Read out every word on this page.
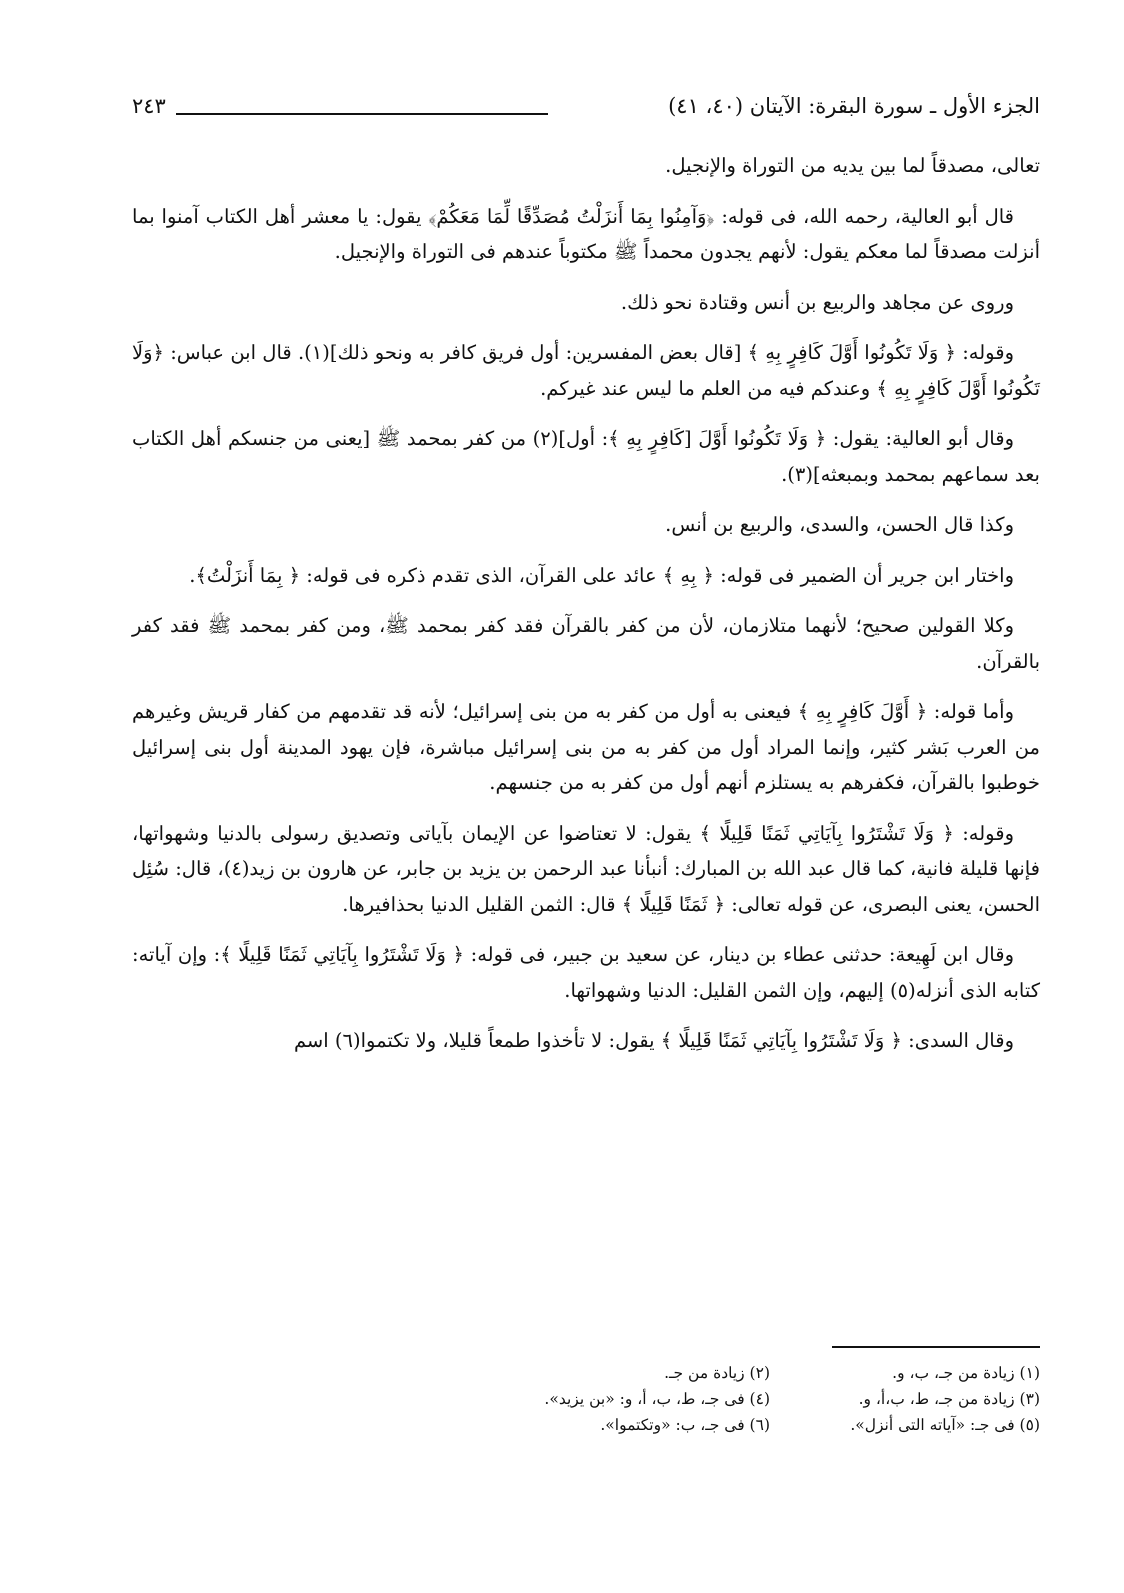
الجزء الأول ـ سورة البقرة: الآيتان (٤٠، ٤١)
٢٤٣

تعالى، مصدقاً لما بين يديه من التوراة والإنجيل.

قال أبو العالية، رحمه الله، فى قوله: ﴿وَآمِنُوا بِمَا أَنزَلْتُ مُصَدِّقًا لِّمَا مَعَكُمْ﴾ يقول: يا معشر أهل الكتاب آمنوا بما أنزلت مصدقاً لما معكم يقول: لأنهم يجدون محمداً ﷺ مكتوباً عندهم فى التوراة والإنجيل.

وروى عن مجاهد والربيع بن أنس وقتادة نحو ذلك.

وقوله: ﴿ وَلَا تَكُونُوا أَوَّلَ كَافِرٍ بِهِ ﴾ [قال بعض المفسرين: أول فريق كافر به ونحو ذلك](١). قال ابن عباس: ﴿وَلَا تَكُونُوا أَوَّلَ كَافِرٍ بِهِ ﴾ وعندكم فيه من العلم ما ليس عند غيركم.

وقال أبو العالية: يقول: ﴿ وَلَا تَكُونُوا أَوَّلَ [كَافِرٍ بِهِ ﴾: أول](٢) من كفر بمحمد ﷺ [يعنى من جنسكم أهل الكتاب بعد سماعهم بمحمد وبمبعثه](٣).

وكذا قال الحسن، والسدى، والربيع بن أنس.

واختار ابن جرير أن الضمير فى قوله: ﴿ بِهِ ﴾ عائد على القرآن، الذى تقدم ذكره فى قوله: ﴿ بِمَا أَنزَلْتُ﴾.

وكلا القولين صحيح؛ لأنهما متلازمان، لأن من كفر بالقرآن فقد كفر بمحمد ﷺ، ومن كفر بمحمد ﷺ فقد كفر بالقرآن.

وأما قوله: ﴿ أَوَّلَ كَافِرٍ بِهِ ﴾ فيعنى به أول من كفر به من بنى إسرائيل؛ لأنه قد تقدمهم من كفار قريش وغيرهم من العرب بَشر كثير، وإنما المراد أول من كفر به من بنى إسرائيل مباشرة، فإن يهود المدينة أول بنى إسرائيل خوطبوا بالقرآن، فكفرهم به يستلزم أنهم أول من كفر به من جنسهم.

وقوله: ﴿ وَلَا تَشْتَرُوا بِآيَاتِي ثَمَنًا قَلِيلًا ﴾ يقول: لا تعتاضوا عن الإيمان بآياتى وتصديق رسولى بالدنيا وشهواتها، فإنها قليلة فانية، كما قال عبد الله بن المبارك: أنبأنا عبد الرحمن بن يزيد بن جابر، عن هارون بن زيد(٤)، قال: سُئِل الحسن، يعنى البصرى، عن قوله تعالى: ﴿ ثَمَنًا قَلِيلًا ﴾ قال: الثمن القليل الدنيا بحذافيرها.

وقال ابن لَهِيعة: حدثنى عطاء بن دينار، عن سعيد بن جبير، فى قوله: ﴿ وَلَا تَشْتَرُوا بِآيَاتِي ثَمَنًا قَلِيلًا ﴾: وإن آياته: كتابه الذى أنزله(٥) إليهم، وإن الثمن القليل: الدنيا وشهواتها.

وقال السدى: ﴿ وَلَا تَشْتَرُوا بِآيَاتِي ثَمَنًا قَلِيلًا ﴾ يقول: لا تأخذوا طمعاً قليلا، ولا تكتموا(٦) اسم

(١) زيادة من جـ، ب، و.
(٢) زيادة من جـ.
(٣) زيادة من جـ، ط، ب،أ، و.
(٤) فى جـ، ط، ب، أ، و: «بن يزيد».
(٥) فى جـ: «آياته التى أنزل».
(٦) فى جـ، ب: «وتكتموا».
